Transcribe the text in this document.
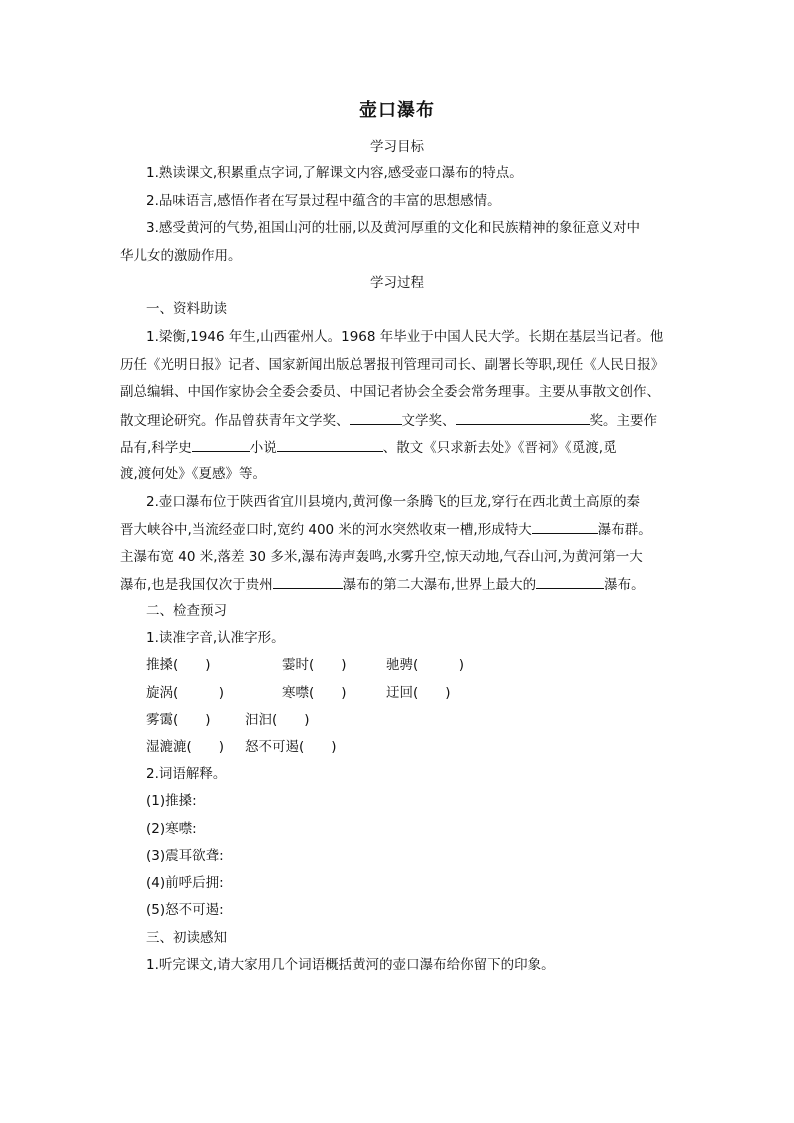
壶口瀑布
学习目标
1.熟读课文,积累重点字词,了解课文内容,感受壶口瀑布的特点。
2.品味语言,感悟作者在写景过程中蕴含的丰富的思想感情。
3.感受黄河的气势,祖国山河的壮丽,以及黄河厚重的文化和民族精神的象征意义对中
华儿女的激励作用。
学习过程
一、资料助读
1.梁衡,1946 年生,山西霍州人。1968 年毕业于中国人民大学。长期在基层当记者。他
历任《光明日报》记者、国家新闻出版总署报刊管理司司长、副署长等职,现任《人民日报》
副总编辑、中国作家协会全委会委员、中国记者协会全委会常务理事。主要从事散文创作、
散文理论研究。作品曾获青年文学奖、	文学奖、	奖。主要作
品有,科学史	小说	、散文《只求新去处》《晋祠》《觅渡,觅
渡,渡何处》《夏感》等。
2.壶口瀑布位于陕西省宜川县境内,黄河像一条腾飞的巨龙,穿行在西北黄土高原的秦
晋大峡谷中,当流经壶口时,宽约 400 米的河水突然收束一槽,形成特大	瀑布群。
主瀑布宽 40 米,落差 30 多米,瀑布涛声轰鸣,水雾升空,惊天动地,气吞山河,为黄河第一大
瀑布,也是我国仅次于贵州	瀑布的第二大瀑布,世界上最大的	瀑布。
二、检查预习
1.读准字音,认准字形。
推搡(　　)	霎时(　　)	驰骋(　　　)
旋涡(　　　)	寒噤(　　)	迂回(　　)
雾霭(　　)	汩汩(　　)
湿漉漉(　　) 怒不可遏(　　)
2.词语解释。
(1)推搡:
(2)寒噤:
(3)震耳欲聋:
(4)前呼后拥:
(5)怒不可遏:
三、初读感知
1.听完课文,请大家用几个词语概括黄河的壶口瀑布给你留下的印象。
